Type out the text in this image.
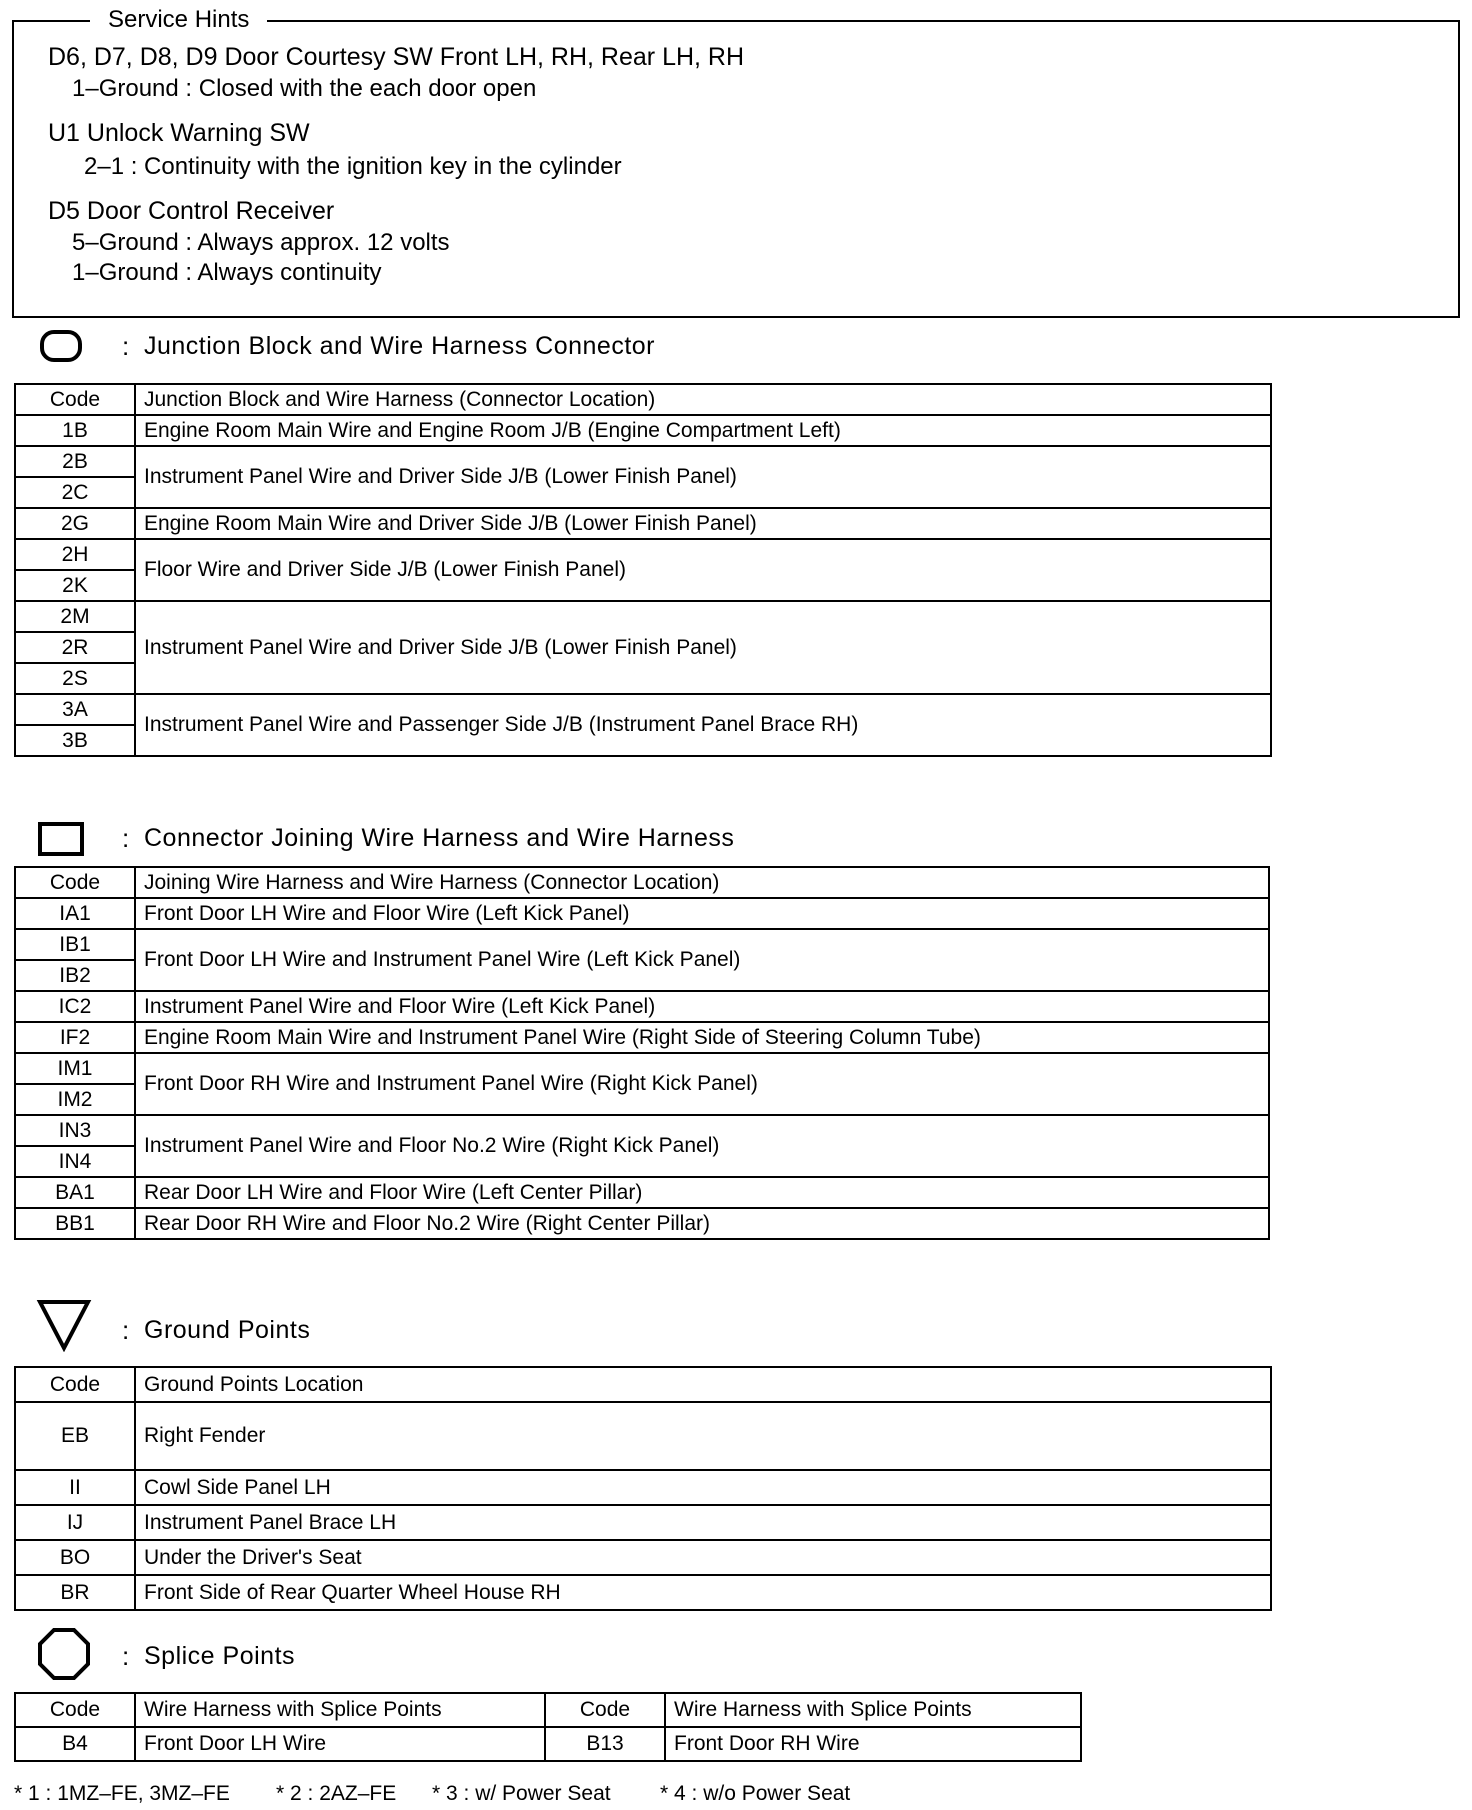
Service Hints
D6, D7, D8, D9 Door Courtesy SW Front LH, RH, Rear LH, RH
1–Ground : Closed with the each door open
U1 Unlock Warning SW
2–1 : Continuity with the ignition key in the cylinder
D5 Door Control Receiver
5–Ground : Always approx. 12 volts
1–Ground : Always continuity
: Junction Block and Wire Harness Connector
Code	Junction Block and Wire Harness (Connector Location)
1B	Engine Room Main Wire and Engine Room J/B (Engine Compartment Left)
2B	Instrument Panel Wire and Driver Side J/B (Lower Finish Panel)
2C	
2G	Engine Room Main Wire and Driver Side J/B (Lower Finish Panel)
2H	Floor Wire and Driver Side J/B (Lower Finish Panel)
2K	
2M	Instrument Panel Wire and Driver Side J/B (Lower Finish Panel)
2R	
2S	
3A	Instrument Panel Wire and Passenger Side J/B (Instrument Panel Brace RH)
3B	
: Connector Joining Wire Harness and Wire Harness
Code	Joining Wire Harness and Wire Harness (Connector Location)
IA1	Front Door LH Wire and Floor Wire (Left Kick Panel)
IB1	Front Door LH Wire and Instrument Panel Wire (Left Kick Panel)
IB2	
IC2	Instrument Panel Wire and Floor Wire (Left Kick Panel)
IF2	Engine Room Main Wire and Instrument Panel Wire (Right Side of Steering Column Tube)
IM1	Front Door RH Wire and Instrument Panel Wire (Right Kick Panel)
IM2	
IN3	Instrument Panel Wire and Floor No.2 Wire (Right Kick Panel)
IN4	
BA1	Rear Door LH Wire and Floor Wire (Left Center Pillar)
BB1	Rear Door RH Wire and Floor No.2 Wire (Right Center Pillar)
: Ground Points
Code	Ground Points Location
EB	Right Fender
II	Cowl Side Panel LH
IJ	Instrument Panel Brace LH
BO	Under the Driver's Seat
BR	Front Side of Rear Quarter Wheel House RH
: Splice Points
Code	Wire Harness with Splice Points	Code	Wire Harness with Splice Points
B4	Front Door LH Wire	B13	Front Door RH Wire
* 1 : 1MZ–FE, 3MZ–FE * 2 : 2AZ–FE * 3 : w/ Power Seat * 4 : w/o Power Seat
